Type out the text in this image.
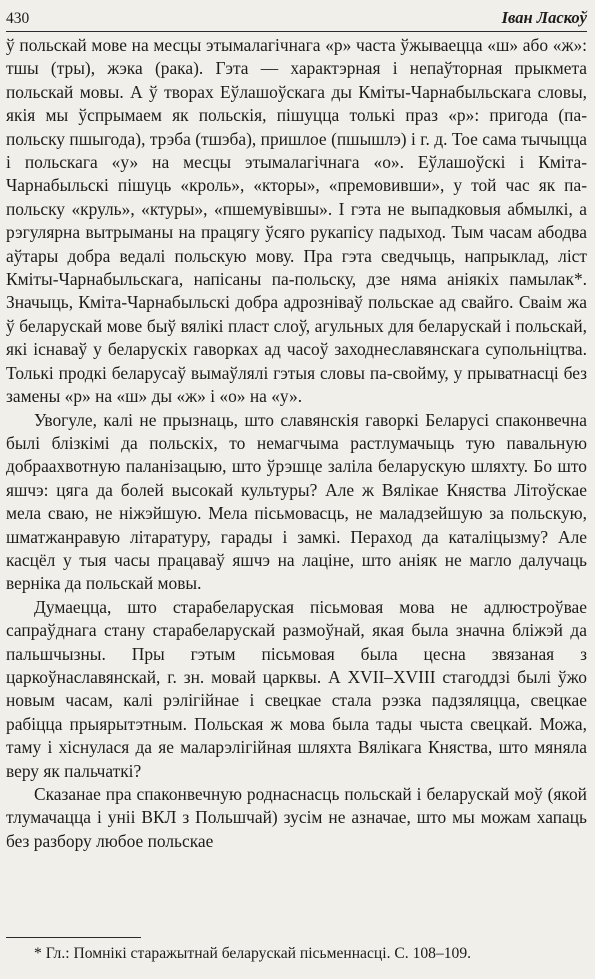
430	Іван Ласкоў

ў польскай мове на месцы этымалагічнага «р» часта ўжываецца «ш» або «ж»: тшы (тры), жэка (рака). Гэта — характэрная і непаўторная прыкмета польскай мовы. А ў творах Еўлашоўскага ды Кміты-Чарнабыльскага словы, якія мы ўспрымаем як польскія, пішуцца толькі праз «р»: пригода (па-польску пшыгода), трэба (тшэба), пришлое (пшышлэ) і г. д. Тое сама тычыцца і польскага «у» на месцы этымалагічнага «о». Еўлашоўскі і Кміта-Чарнабыльскі пішуць «кроль», «кторы», «премовивши», у той час як па-польску «круль», «ктуры», «пшемувівшы». І гэта не выпадковыя абмылкі, а рэгулярна вытрыманы на працягу ўсяго рукапісу падыход. Тым часам абодва аўтары добра ведалі польскую мову. Пра гэта сведчыць, напрыклад, ліст Кміты-Чарнабыльскага, напісаны па-польску, дзе няма аніякіх памылак*. Значыць, Кміта-Чарнабыльскі добра адрозніваў польскае ад свайго. Сваім жа ў беларускай мове быў вялікі пласт слоў, агульных для беларускай і польскай, які існаваў у беларускіх гаворках ад часоў заходнеславянскага супольніцтва. Толькі продкі беларусаў вымаўлялі гэтыя словы па-свойму, у прыватнасці без замены «р» на «ш» ды «ж» і «о» на «у».

Увогуле, калі не прызнаць, што славянскія гаворкі Беларусі спаконвечна былі блізкімі да польскіх, то немагчыма растлумачыць тую павальную добраахвотную паланізацыю, што ўрэшце заліла беларускую шляхту. Бо што яшчэ: цяга да болей высокай культуры? Але ж Вялікае Княства Літоўскае мела сваю, не ніжэйшую. Мела пісьмовасць, не маладзейшую за польскую, шматжанравую літаратуру, гарады і замкі. Пераход да каталіцызму? Але касцёл у тыя часы працаваў яшчэ на лаціне, што аніяк не магло далучаць верніка да польскай мовы.

Думаецца, што старабеларуская пісьмовая мова не адлюстроўвае сапраўднага стану старабеларускай размоўнай, якая была значна бліжэй да пальшчызны. Пры гэтым пісьмовая была цесна звязаная з царкоўнаславянскай, г. зн. мовай царквы. А XVII–XVIII стагоддзі былі ўжо новым часам, калі рэлігійнае і свецкае стала рэзка падзяляцца, свецкае рабіцца прыярытэтным. Польская ж мова была тады чыста свецкай. Можа, таму і хіснулася да яе маларэлігійная шляхта Вялікага Княства, што мяняла веру як пальчаткі?

Сказанае пра спаконвечную роднаснасць польскай і беларускай моў (якой тлумачацца і уніі ВКЛ з Польшчай) зусім не азначае, што мы можам хапаць без разбору любое польскае

* Гл.: Помнікі старажытнай беларускай пісьменнасці. С. 108–109.
